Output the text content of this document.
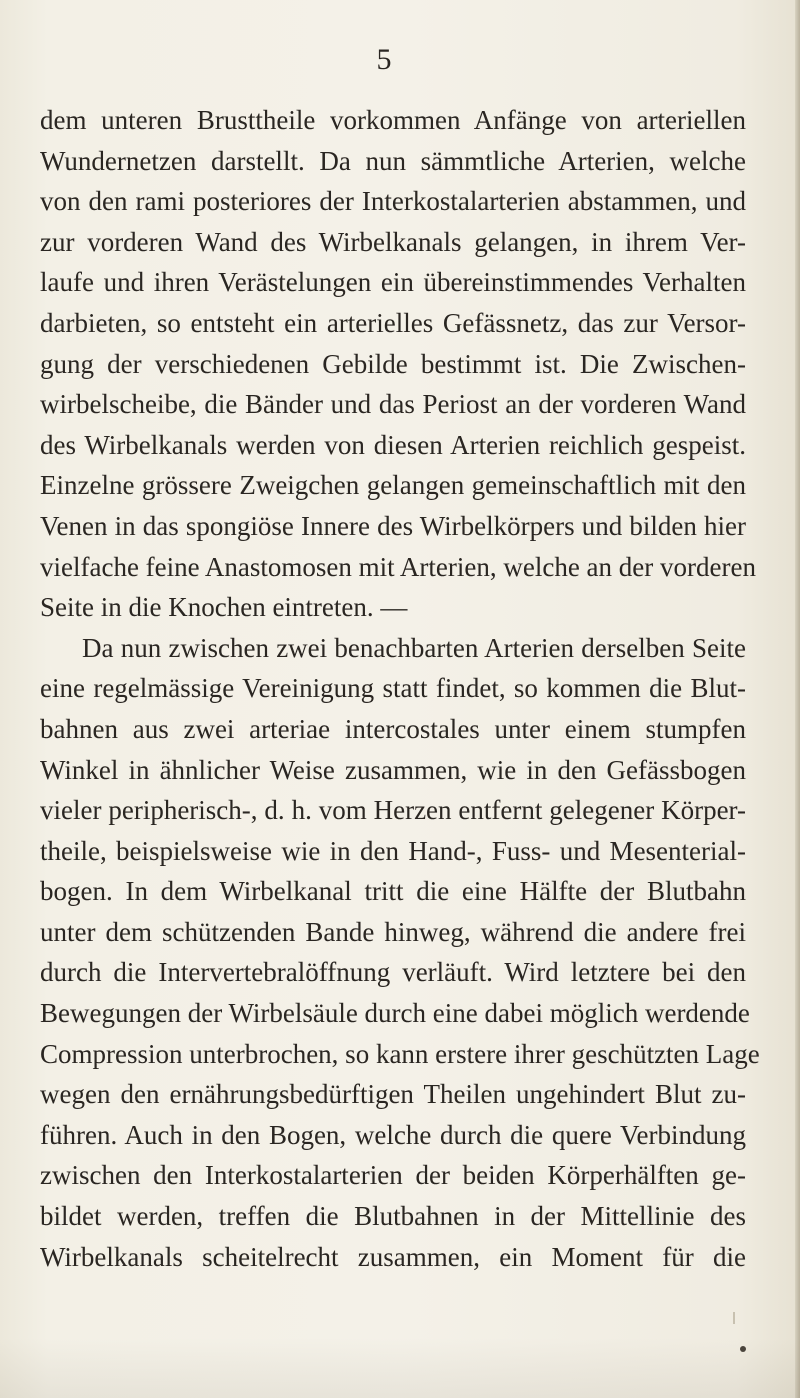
5
dem unteren Brusttheile vorkommen Anfänge von arteriellen
Wundernetzen darstellt. Da nun sämmtliche Arterien, welche
von den rami posteriores der Interkostalarterien abstammen, und
zur vorderen Wand des Wirbelkanals gelangen, in ihrem Ver-
laufe und ihren Verästelungen ein übereinstimmendes Verhalten
darbieten, so entsteht ein arterielles Gefässnetz, das zur Versor-
gung der verschiedenen Gebilde bestimmt ist. Die Zwischen-
wirbelscheibe, die Bänder und das Periost an der vorderen Wand
des Wirbelkanals werden von diesen Arterien reichlich gespeist.
Einzelne grössere Zweigchen gelangen gemeinschaftlich mit den
Venen in das spongiöse Innere des Wirbelkörpers und bilden hier
vielfache feine Anastomosen mit Arterien, welche an der vorderen
Seite in die Knochen eintreten. —
Da nun zwischen zwei benachbarten Arterien derselben Seite
eine regelmässige Vereinigung statt findet, so kommen die Blut-
bahnen aus zwei arteriae intercostales unter einem stumpfen
Winkel in ähnlicher Weise zusammen, wie in den Gefässbogen
vieler peripherisch-, d. h. vom Herzen entfernt gelegener Körper-
theile, beispielsweise wie in den Hand-, Fuss- und Mesenterial-
bogen. In dem Wirbelkanal tritt die eine Hälfte der Blutbahn
unter dem schützenden Bande hinweg, während die andere frei
durch die Intervertebralöffnung verläuft. Wird letztere bei den
Bewegungen der Wirbelsäule durch eine dabei möglich werdende
Compression unterbrochen, so kann erstere ihrer geschützten Lage
wegen den ernährungsbedürftigen Theilen ungehindert Blut zu-
führen. Auch in den Bogen, welche durch die quere Verbindung
zwischen den Interkostalarterien der beiden Körperhälften ge-
bildet werden, treffen die Blutbahnen in der Mittellinie des
Wirbelkanals scheitelrecht zusammen, ein Moment für die
